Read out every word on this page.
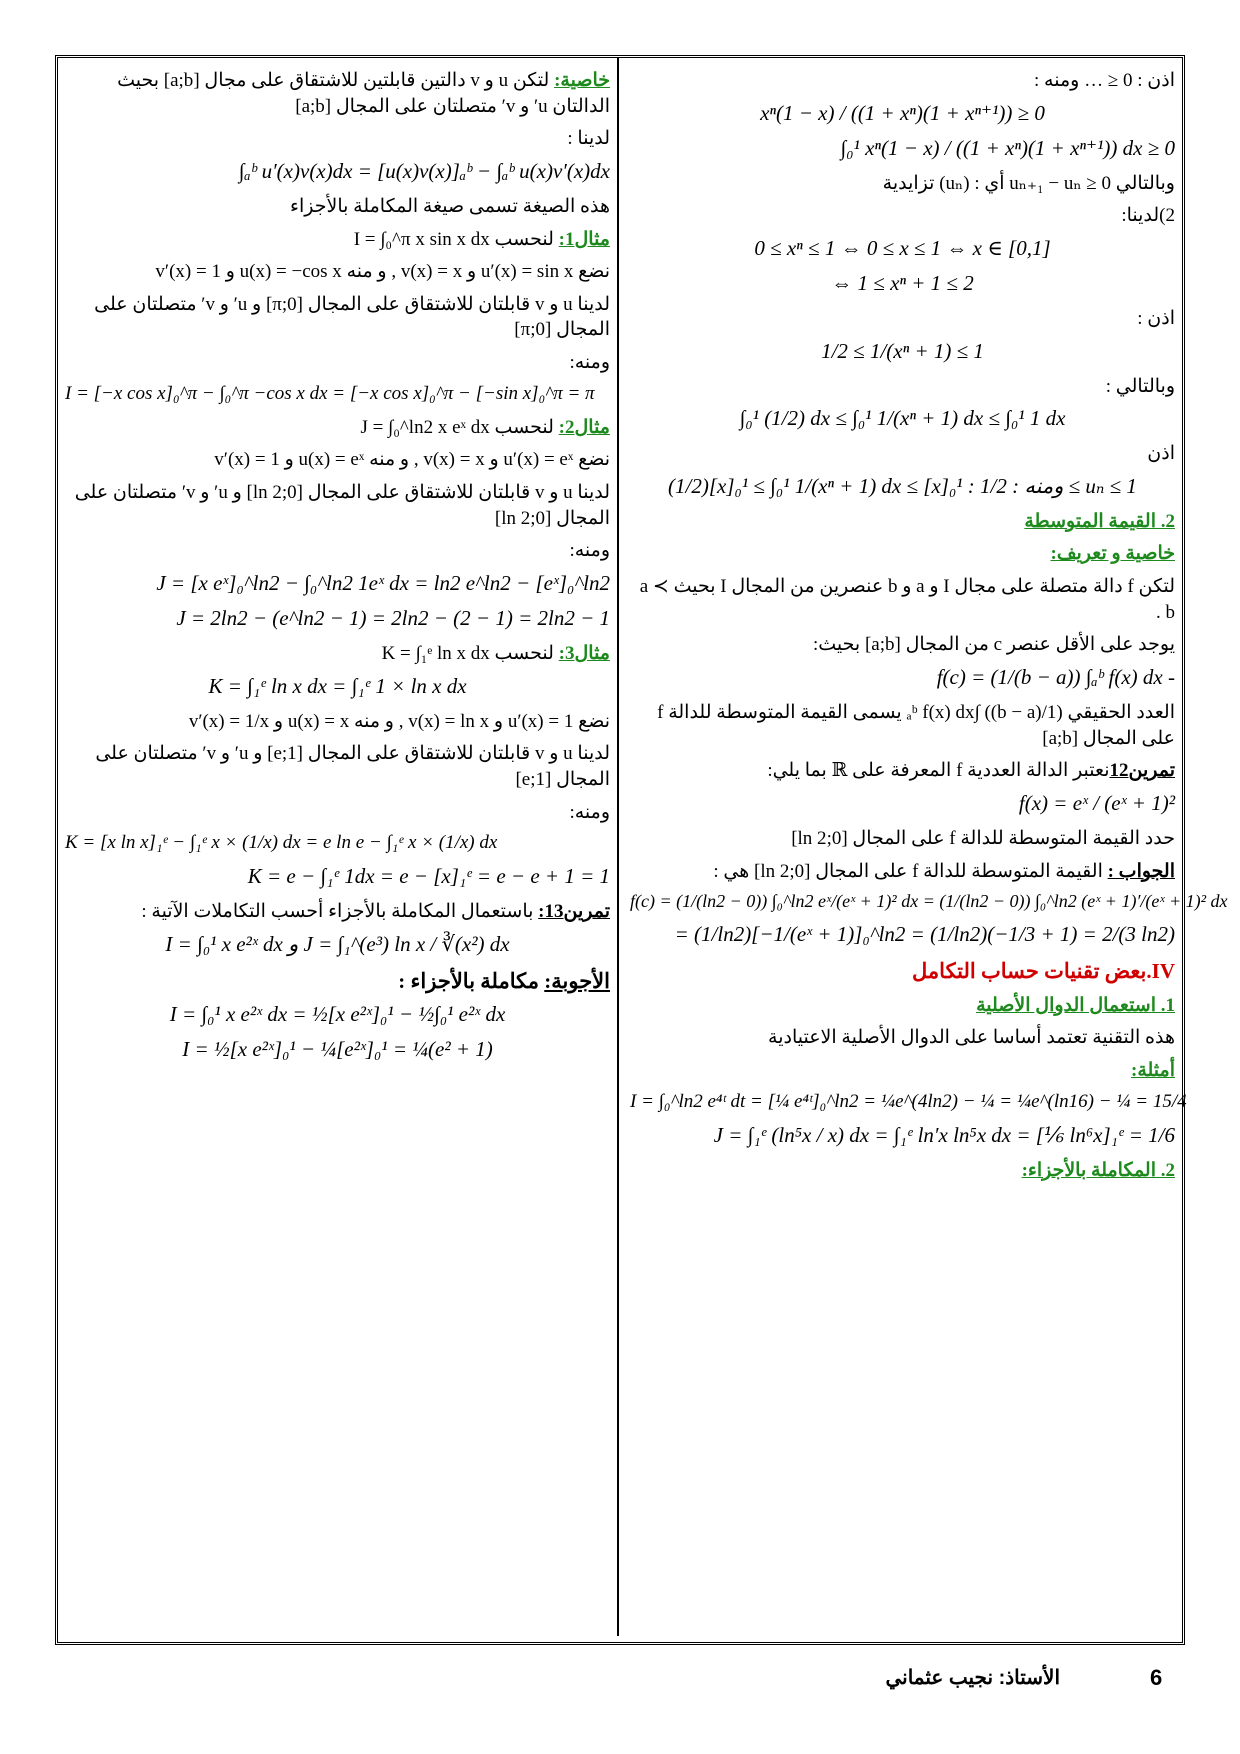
اذن : 0 ≤ … ومنه :

xⁿ(1 − x) / ((1 + xⁿ)(1 + xⁿ⁺¹)) ≥ 0
∫₀¹ xⁿ(1 − x) / ((1 + xⁿ)(1 + xⁿ⁺¹)) dx ≥ 0

وبالتالي 0 ≤ uₙ₊₁ − uₙ أي : (uₙ) تزايدية

2)لدينا:

0 ≤ xⁿ ≤ 1 ⇔ 0 ≤ x ≤ 1 ⇔ x ∈ [0,1]
⇔ 1 ≤ xⁿ + 1 ≤ 2

اذن :

1/2 ≤ 1/(xⁿ + 1) ≤ 1

وبالتالي :

∫₀¹ (1/2) dx ≤ ∫₀¹ 1/(xⁿ + 1) dx ≤ ∫₀¹ 1 dx

اذن

(1/2)[x]₀¹ ≤ ∫₀¹ 1/(xⁿ + 1) dx ≤ [x]₀¹ : ومنه : 1/2 ≤ uₙ ≤ 1

2. القيمة المتوسطة

خاصية و تعريف:

لتكن f دالة متصلة على مجال I و a و b عنصرين من المجال I بحيث a ≺ b .

يوجد على الأقل عنصر c من المجال [a;b] بحيث:

f(c) = (1/(b − a)) ∫ₐᵇ f(x) dx -

العدد الحقيقي (1/(b − a)) ∫ₐᵇ f(x) dx يسمى القيمة المتوسطة للدالة f على المجال [a;b]

تمرين12نعتبر الدالة العددية f المعرفة على ℝ بما يلي:

f(x) = eˣ / (eˣ + 1)²

حدد القيمة المتوسطة للدالة f على المجال [0;ln 2]

الجواب : القيمة المتوسطة للدالة f على المجال [0;ln 2] هي :

f(c) = (1/(ln2 − 0)) ∫₀^ln2 eˣ/(eˣ + 1)² dx = (1/(ln2 − 0)) ∫₀^ln2 (eˣ + 1)′/(eˣ + 1)² dx
= (1/ln2)[−1/(eˣ + 1)]₀^ln2 = (1/ln2)(−1/3 + 1) = 2/(3 ln2)

IV.بعض تقنيات حساب التكامل

1. استعمال الدوال الأصلية

هذه التقنية تعتمد أساسا على الدوال الأصلية الاعتيادية

أمثلة:

I = ∫₀^ln2 e⁴ᵗ dt = [¼ e⁴ᵗ]₀^ln2 = ¼e^(4ln2) − ¼ = ¼e^(ln16) − ¼ = 15/4
J = ∫₁ᵉ (ln⁵x / x) dx = ∫₁ᵉ ln′x ln⁵x dx = [⅙ ln⁶x]₁ᵉ = 1/6

2. المكاملة بالأجزاء:

خاصية: لتكن u و v دالتين قابلتين للاشتقاق على مجال [a;b] بحيث الدالتان u′ و v′ متصلتان على المجال [a;b]

لدينا :

∫ₐᵇ u′(x)v(x)dx = [u(x)v(x)]ₐᵇ − ∫ₐᵇ u(x)v′(x)dx

هذه الصيغة تسمى صيغة المكاملة بالأجزاء

مثال1: لنحسب I = ∫₀^π x sin x dx

نضع u′(x) = sin x و v(x) = x , و منه u(x) = −cos x و v′(x) = 1

لدينا u و v قابلتان للاشتقاق على المجال [0;π] و u′ و v′ متصلتان على المجال [0;π]

ومنه:

I = [−x cos x]₀^π − ∫₀^π −cos x dx = [−x cos x]₀^π − [−sin x]₀^π = π

مثال2: لنحسب J = ∫₀^ln2 x eˣ dx

نضع u′(x) = eˣ و v(x) = x , و منه u(x) = eˣ و v′(x) = 1

لدينا u و v قابلتان للاشتقاق على المجال [0;ln 2] و u′ و v′ متصلتان على المجال [0;ln 2]

ومنه:

J = [x eˣ]₀^ln2 − ∫₀^ln2 1eˣ dx = ln2 e^ln2 − [eˣ]₀^ln2
J = 2ln2 − (e^ln2 − 1) = 2ln2 − (2 − 1) = 2ln2 − 1

مثال3: لنحسب K = ∫₁ᵉ ln x dx

K = ∫₁ᵉ ln x dx = ∫₁ᵉ 1 × ln x dx

نضع u′(x) = 1 و v(x) = ln x , و منه u(x) = x و v′(x) = 1/x

لدينا u و v قابلتان للاشتقاق على المجال [1;e] و u′ و v′ متصلتان على المجال [1;e]

ومنه:

K = [x ln x]₁ᵉ − ∫₁ᵉ x × (1/x) dx = e ln e − ∫₁ᵉ x × (1/x) dx
K = e − ∫₁ᵉ 1dx = e − [x]₁ᵉ = e − e + 1 = 1

تمرين13: باستعمال المكاملة بالأجزاء أحسب التكاملات الآتية :

I = ∫₀¹ x e²ˣ dx و J = ∫₁^(e³) ln x / ∛(x²) dx

الأجوبة: مكاملة بالأجزاء :

I = ∫₀¹ x e²ˣ dx = ½[x e²ˣ]₀¹ − ½∫₀¹ e²ˣ dx
I = ½[x e²ˣ]₀¹ − ¼[e²ˣ]₀¹ = ¼(e² + 1)
الأستاذ: نجيب عثماني	6
